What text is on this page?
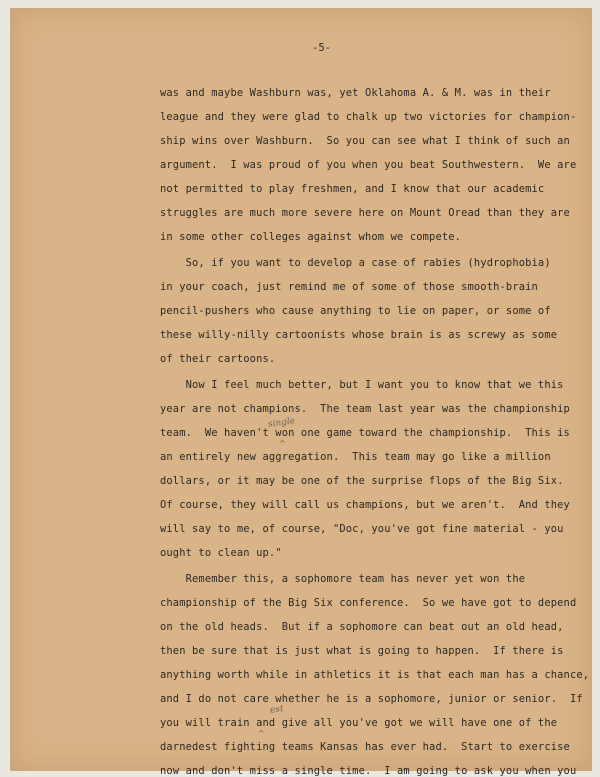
-5-
was and maybe Washburn was, yet Oklahoma A. & M. was in their
league and they were glad to chalk up two victories for champion-
ship wins over Washburn.  So you can see what I think of such an
argument.  I was proud of you when you beat Southwestern.  We are
not permitted to play freshmen, and I know that our academic
struggles are much more severe here on Mount Oread than they are
in some other colleges against whom we compete.
So, if you want to develop a case of rabies (hydrophobia)
in your coach, just remind me of some of those smooth-brain
pencil-pushers who cause anything to lie on paper, or some of
these willy-nilly cartoonists whose brain is as screwy as some
of their cartoons.
Now I feel much better, but I want you to know that we this
year are not champions.  The team last year was the championship
team.  We haven't won one game toward the championship.  This is
an entirely new aggregation.  This team may go like a million
dollars, or it may be one of the surprise flops of the Big Six.
Of course, they will call us champions, but we aren't.  And they
will say to me, of course, "Doc, you've got fine material - you
ought to clean up."
Remember this, a sophomore team has never yet won the
championship of the Big Six conference.  So we have got to depend
on the old heads.  But if a sophomore can beat out an old head,
then be sure that is just what is going to happen.  If there is
anything worth while in athletics it is that each man has a chance,
and I do not care whether he is a sophomore, junior or senior.  If
you will train and give all you've got we will have one of the
darnedest fighting teams Kansas has ever had.  Start to exercise
now and don't miss a single time.  I am going to ask you when you
single
^
est
^
